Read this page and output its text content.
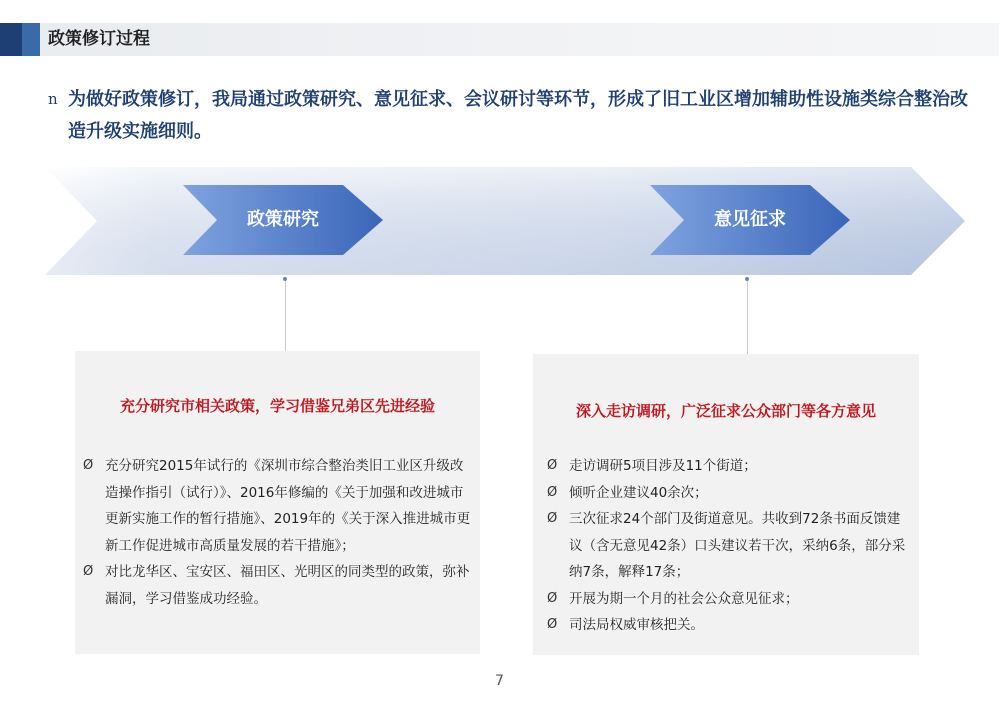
政策修订过程
n 为做好政策修订，我局通过政策研究、意见征求、会议研讨等环节，形成了旧工业区增加辅助性设施类综合整治改造升级实施细则。

政策研究	意见征求
充分研究市相关政策，学习借鉴兄弟区先进经验
Ø 充分研究2015年试行的《深圳市综合整治类旧工业区升级改造操作指引（试行）》、2016年修编的《关于加强和改进城市更新实施工作的暂行措施》、2019年的《关于深入推进城市更新工作促进城市高质量发展的若干措施》；
Ø 对比龙华区、宝安区、福田区、光明区的同类型的政策，弥补漏洞，学习借鉴成功经验。
深入走访调研，广泛征求公众部门等各方意见
Ø 走访调研5项目涉及11个街道；
Ø 倾听企业建议40余次；
Ø 三次征求24个部门及街道意见。共收到72条书面反馈建议（含无意见42条）口头建议若干次，采纳6条，部分采纳7条，解释17条；
Ø 开展为期一个月的社会公众意见征求；
Ø 司法局权威审核把关。
7
